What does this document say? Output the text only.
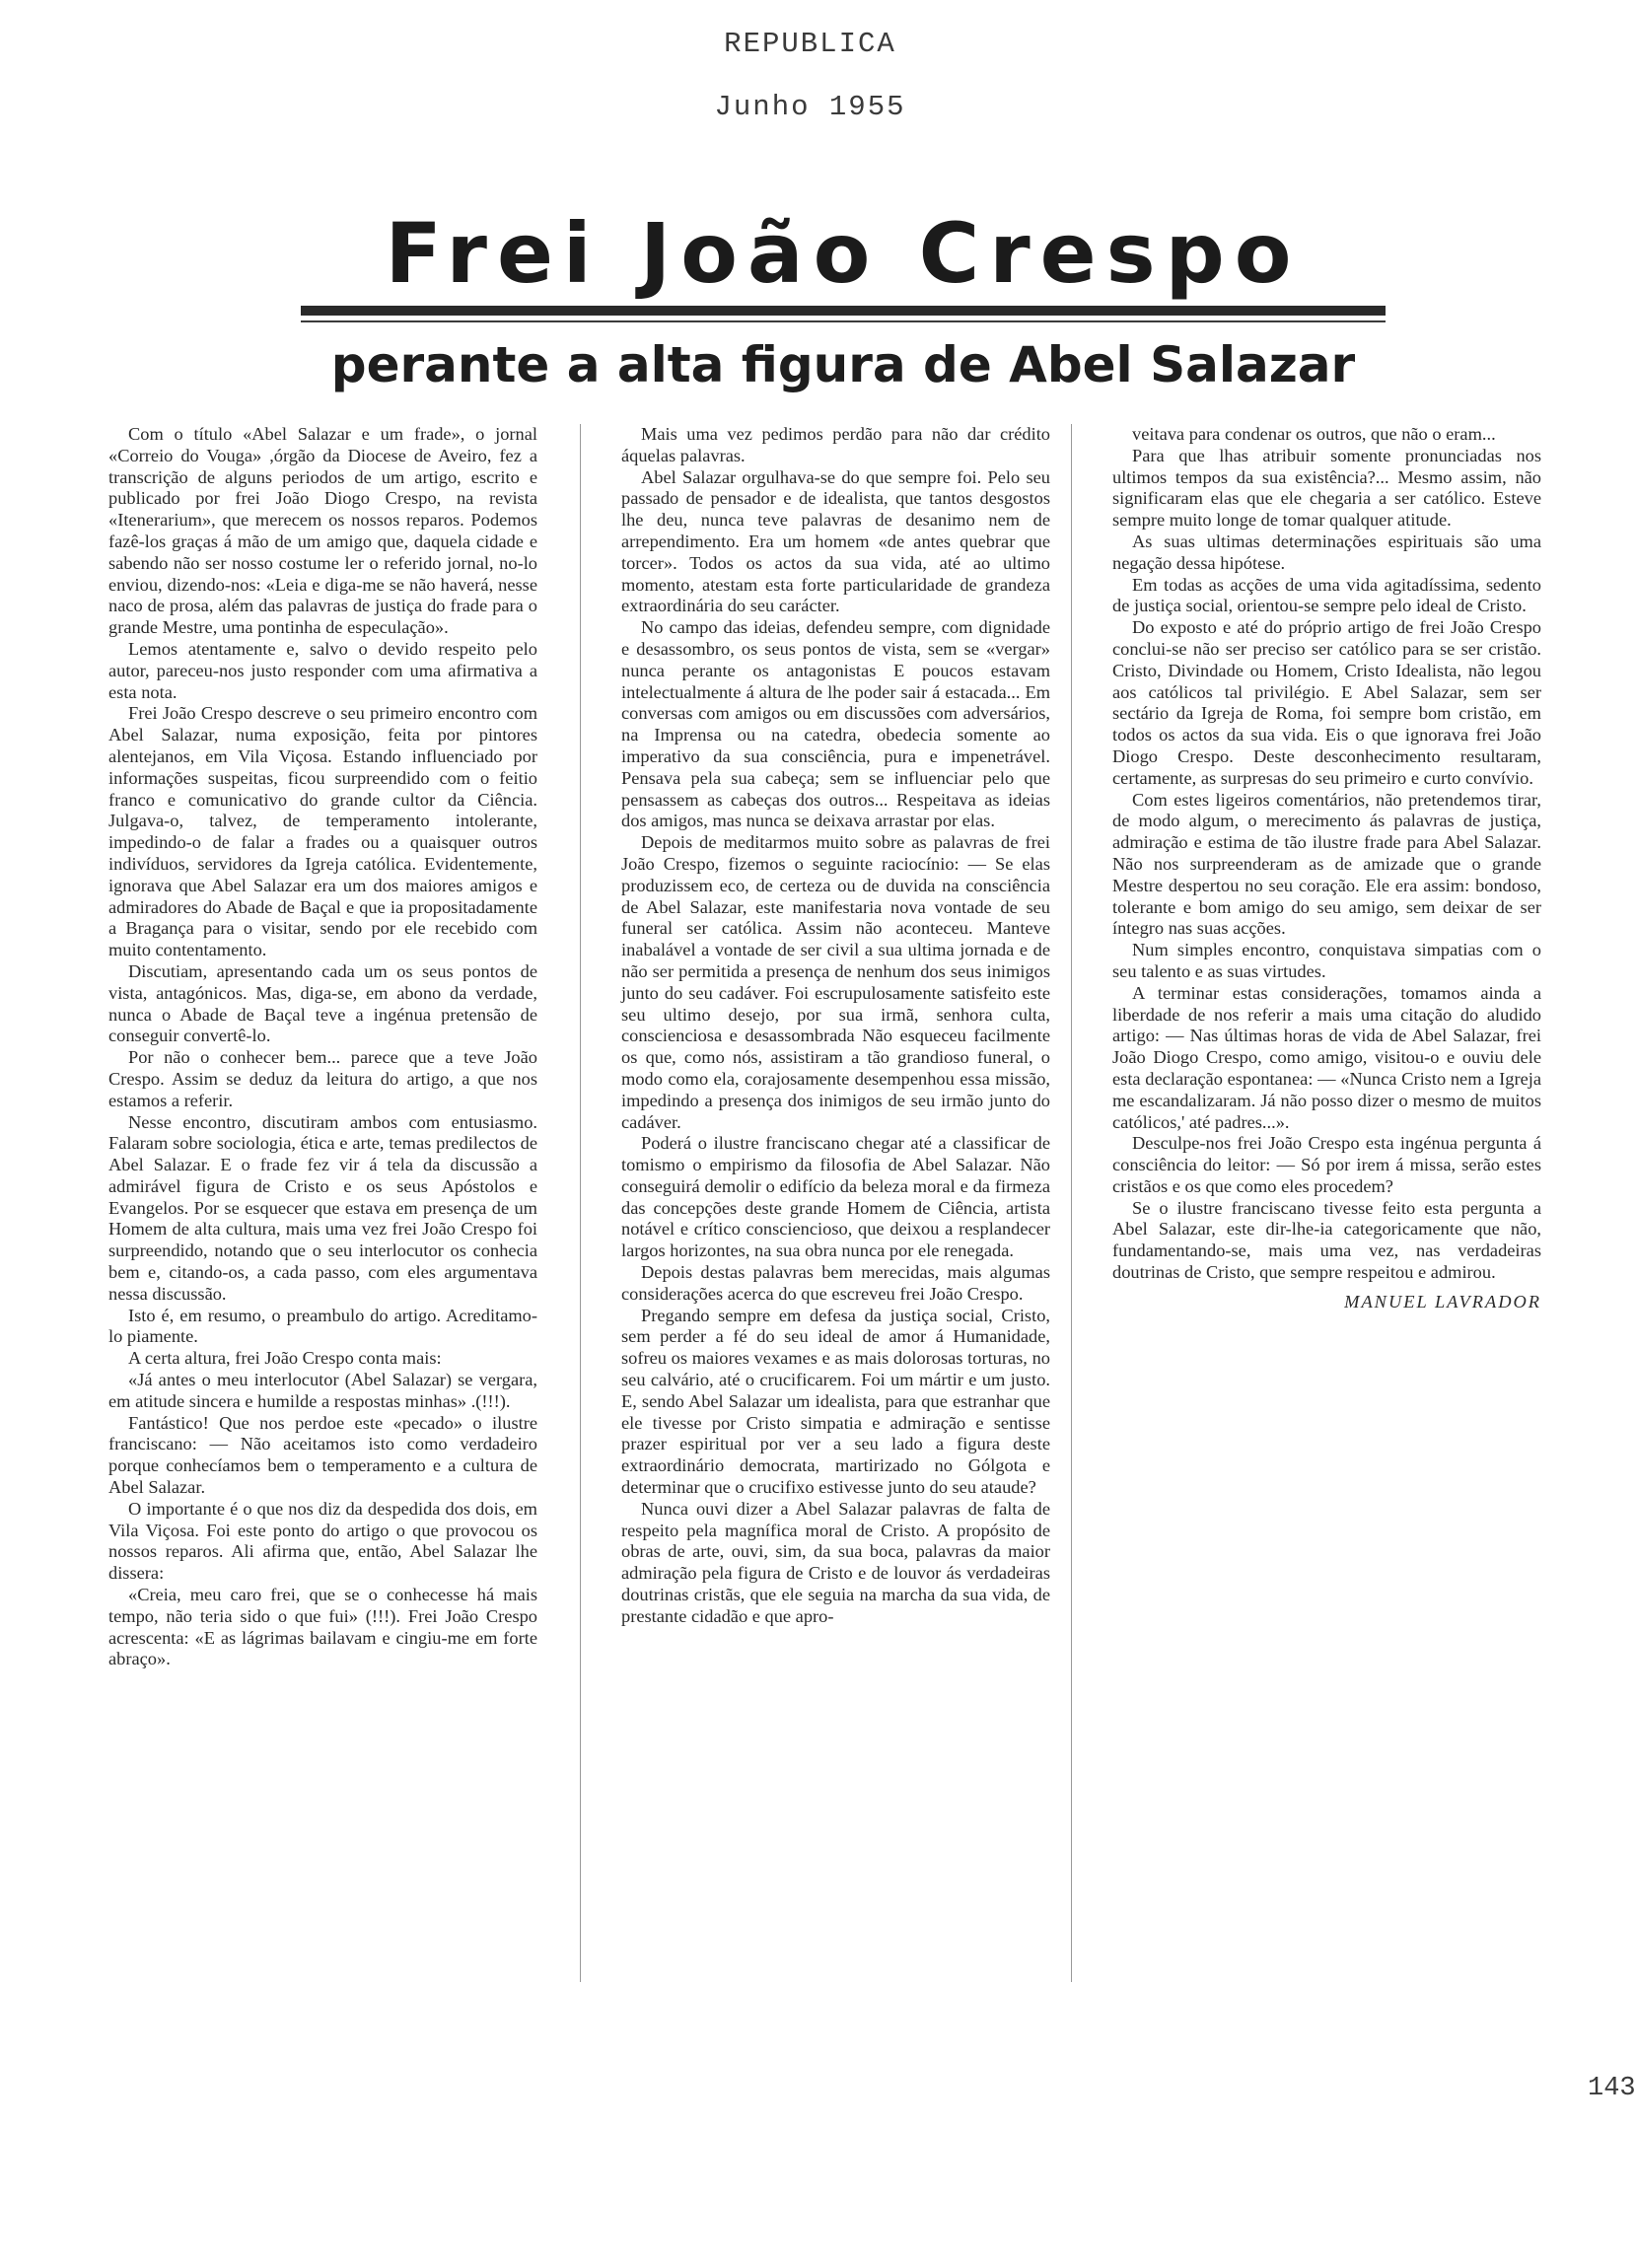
REPUBLICA
Junho 1955
Frei João Crespo
perante a alta figura de Abel Salazar

Com o título «Abel Salazar e um frade», o jornal «Correio do Vouga» ,órgão da Diocese de Aveiro, fez a transcrição de alguns periodos de um artigo, escrito e publicado por frei João Diogo Crespo, na revista «Itenerarium», que merecem os nossos reparos. Podemos fazê-los graças á mão de um amigo que, daquela cidade e sabendo não ser nosso costume ler o referido jornal, no-lo enviou, dizendo-nos: «Leia e diga-me se não haverá, nesse naco de prosa, além das palavras de justiça do frade para o grande Mestre, uma pontinha de especulação».

Lemos atentamente e, salvo o devido respeito pelo autor, pareceu-nos justo responder com uma afirmativa a esta nota.

Frei João Crespo descreve o seu primeiro encontro com Abel Salazar, numa exposição, feita por pintores alentejanos, em Vila Viçosa. Estando influenciado por informações suspeitas, ficou surpreendido com o feitio franco e comunicativo do grande cultor da Ciência. Julgava-o, talvez, de temperamento intolerante, impedindo-o de falar a frades ou a quaisquer outros indivíduos, servidores da Igreja católica. Evidentemente, ignorava que Abel Salazar era um dos maiores amigos e admiradores do Abade de Baçal e que ia propositadamente a Bragança para o visitar, sendo por ele recebido com muito contentamento.

Discutiam, apresentando cada um os seus pontos de vista, antagónicos. Mas, diga-se, em abono da verdade, nunca o Abade de Baçal teve a ingénua pretensão de conseguir convertê-lo.

Por não o conhecer bem... parece que a teve João Crespo. Assim se deduz da leitura do artigo, a que nos estamos a referir.

Nesse encontro, discutiram ambos com entusiasmo. Falaram sobre sociologia, ética e arte, temas predilectos de Abel Salazar. E o frade fez vir á tela da discussão a admirável figura de Cristo e os seus Apóstolos e Evangelos. Por se esquecer que estava em presença de um Homem de alta cultura, mais uma vez frei João Crespo foi surpreendido, notando que o seu interlocutor os conhecia bem e, citando-os, a cada passo, com eles argumentava nessa discussão.

Isto é, em resumo, o preambulo do artigo. Acreditamo-lo piamente.

A certa altura, frei João Crespo conta mais:

«Já antes o meu interlocutor (Abel Salazar) se vergara, em atitude sincera e humilde a respostas minhas» .(!!!).

Fantástico! Que nos perdoe este «pecado» o ilustre franciscano: — Não aceitamos isto como verdadeiro porque conhecíamos bem o temperamento e a cultura de Abel Salazar.

O importante é o que nos diz da despedida dos dois, em Vila Viçosa. Foi este ponto do artigo o que provocou os nossos reparos. Ali afirma que, então, Abel Salazar lhe dissera:

«Creia, meu caro frei, que se o conhecesse há mais tempo, não teria sido o que fui» (!!!). Frei João Crespo acrescenta: «E as lágrimas bailavam e cingiu-me em forte abraço».

Mais uma vez pedimos perdão para não dar crédito áquelas palavras.

Abel Salazar orgulhava-se do que sempre foi. Pelo seu passado de pensador e de idealista, que tantos desgostos lhe deu, nunca teve palavras de desanimo nem de arrependimento. Era um homem «de antes quebrar que torcer». Todos os actos da sua vida, até ao ultimo momento, atestam esta forte particularidade de grandeza extraordinária do seu carácter.

No campo das ideias, defendeu sempre, com dignidade e desassombro, os seus pontos de vista, sem se «vergar» nunca perante os antagonistas E poucos estavam intelectualmente á altura de lhe poder sair á estacada... Em conversas com amigos ou em discussões com adversários, na Imprensa ou na catedra, obedecia somente ao imperativo da sua consciência, pura e impenetrável. Pensava pela sua cabeça; sem se influenciar pelo que pensassem as cabeças dos outros... Respeitava as ideias dos amigos, mas nunca se deixava arrastar por elas.

Depois de meditarmos muito sobre as palavras de frei João Crespo, fizemos o seguinte raciocínio: — Se elas produzissem eco, de certeza ou de duvida na consciência de Abel Salazar, este manifestaria nova vontade de seu funeral ser católica. Assim não aconteceu. Manteve inabalável a vontade de ser civil a sua ultima jornada e de não ser permitida a presença de nenhum dos seus inimigos junto do seu cadáver. Foi escrupulosamente satisfeito este seu ultimo desejo, por sua irmã, senhora culta, conscienciosa e desassombrada Não esqueceu facilmente os que, como nós, assistiram a tão grandioso funeral, o modo como ela, corajosamente desempenhou essa missão, impedindo a presença dos inimigos de seu irmão junto do cadáver.

Poderá o ilustre franciscano chegar até a classificar de tomismo o empirismo da filosofia de Abel Salazar. Não conseguirá demolir o edifício da beleza moral e da firmeza das concepções deste grande Homem de Ciência, artista notável e crítico consciencioso, que deixou a resplandecer largos horizontes, na sua obra nunca por ele renegada.

Depois destas palavras bem merecidas, mais algumas considerações acerca do que escreveu frei João Crespo.

Pregando sempre em defesa da justiça social, Cristo, sem perder a fé do seu ideal de amor á Humanidade, sofreu os maiores vexames e as mais dolorosas torturas, no seu calvário, até o crucificarem. Foi um mártir e um justo. E, sendo Abel Salazar um idealista, para que estranhar que ele tivesse por Cristo simpatia e admiração e sentisse prazer espiritual por ver a seu lado a figura deste extraordinário democrata, martirizado no Gólgota e determinar que o crucifixo estivesse junto do seu ataude?

Nunca ouvi dizer a Abel Salazar palavras de falta de respeito pela magnífica moral de Cristo. A propósito de obras de arte, ouvi, sim, da sua boca, palavras da maior admiração pela figura de Cristo e de louvor ás verdadeiras doutrinas cristãs, que ele seguia na marcha da sua vida, de prestante cidadão e que apro-

veitava para condenar os outros, que não o eram...

Para que lhas atribuir somente pronunciadas nos ultimos tempos da sua existência?... Mesmo assim, não significaram elas que ele chegaria a ser católico. Esteve sempre muito longe de tomar qualquer atitude.

As suas ultimas determinações espirituais são uma negação dessa hipótese.

Em todas as acções de uma vida agitadíssima, sedento de justiça social, orientou-se sempre pelo ideal de Cristo.

Do exposto e até do próprio artigo de frei João Crespo conclui-se não ser preciso ser católico para se ser cristão. Cristo, Divindade ou Homem, Cristo Idealista, não legou aos católicos tal privilégio. E Abel Salazar, sem ser sectário da Igreja de Roma, foi sempre bom cristão, em todos os actos da sua vida. Eis o que ignorava frei João Diogo Crespo. Deste desconhecimento resultaram, certamente, as surpresas do seu primeiro e curto convívio.

Com estes ligeiros comentários, não pretendemos tirar, de modo algum, o merecimento ás palavras de justiça, admiração e estima de tão ilustre frade para Abel Salazar. Não nos surpreenderam as de amizade que o grande Mestre despertou no seu coração. Ele era assim: bondoso, tolerante e bom amigo do seu amigo, sem deixar de ser íntegro nas suas acções.

Num simples encontro, conquistava simpatias com o seu talento e as suas virtudes.

A terminar estas considerações, tomamos ainda a liberdade de nos referir a mais uma citação do aludido artigo: — Nas últimas horas de vida de Abel Salazar, frei João Diogo Crespo, como amigo, visitou-o e ouviu dele esta declaração espontanea: — «Nunca Cristo nem a Igreja me escandalizaram. Já não posso dizer o mesmo de muitos católicos,' até padres...».

Desculpe-nos frei João Crespo esta ingénua pergunta á consciência do leitor: — Só por irem á missa, serão estes cristãos e os que como eles procedem?

Se o ilustre franciscano tivesse feito esta pergunta a Abel Salazar, este dir-lhe-ia categoricamente que não, fundamentando-se, mais uma vez, nas verdadeiras doutrinas de Cristo, que sempre respeitou e admirou.

MANUEL LAVRADOR

143
